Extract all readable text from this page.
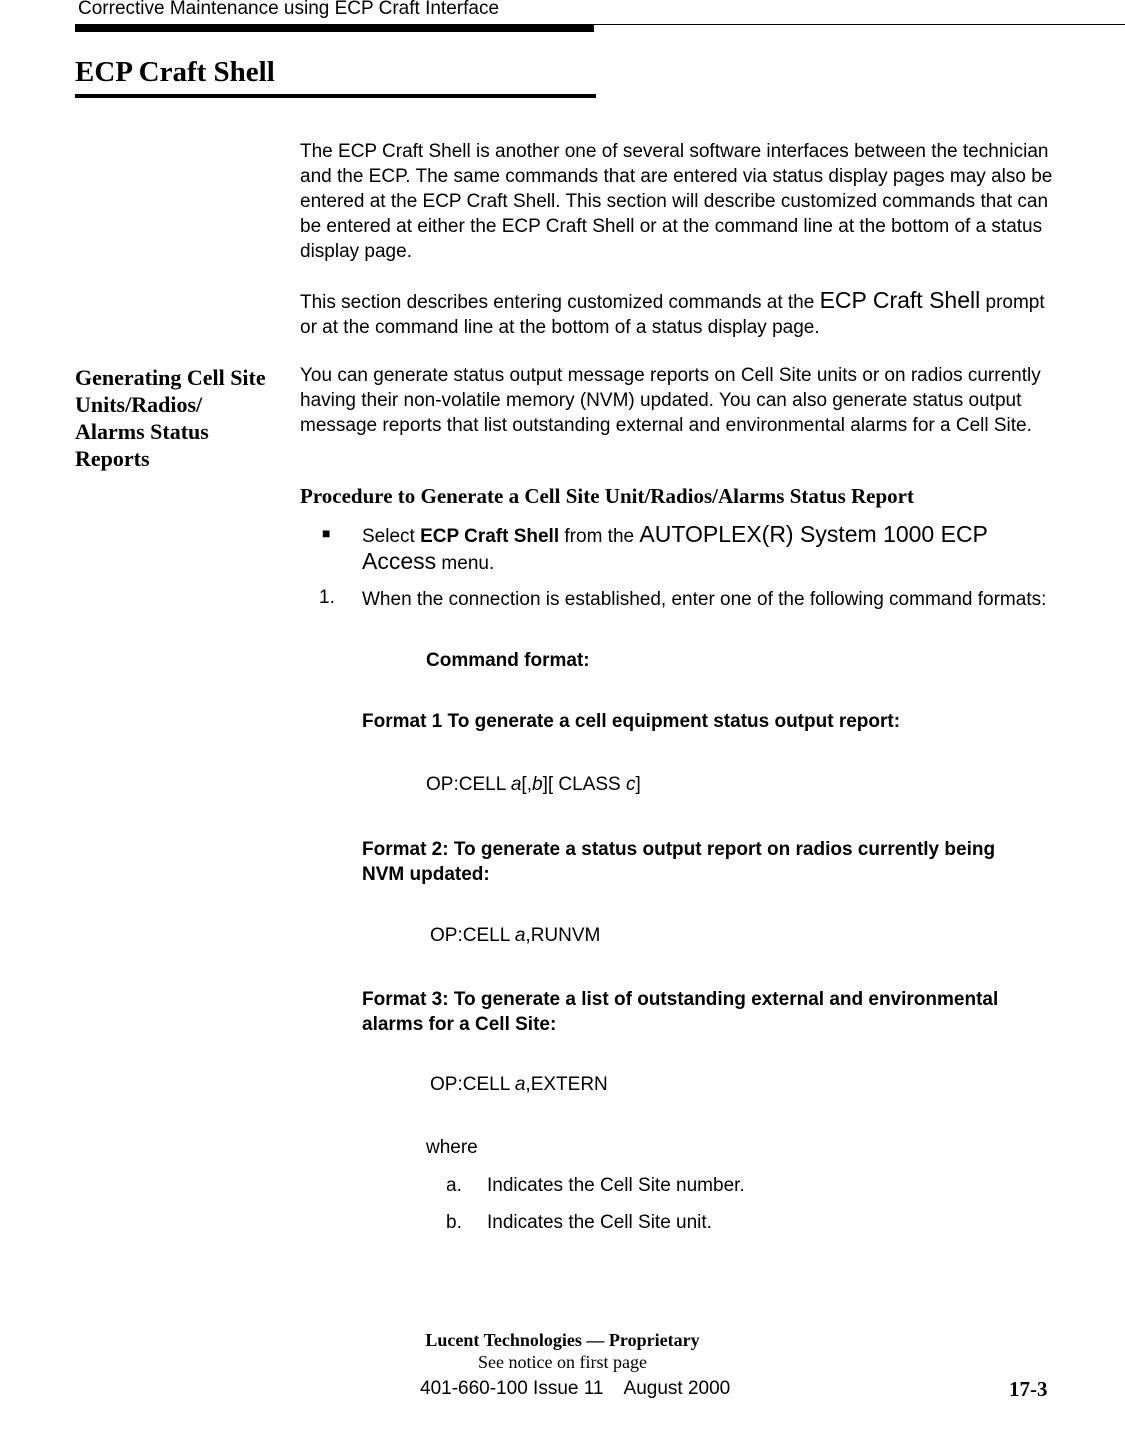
Corrective Maintenance using ECP Craft Interface
ECP Craft Shell
The ECP Craft Shell is another one of several software interfaces between the technician and the ECP. The same commands that are entered via status display pages may also be entered at the ECP Craft Shell. This section will describe customized commands that can be entered at either the ECP Craft Shell or at the command line at the bottom of a status display page.
This section describes entering customized commands at the ECP Craft Shell prompt or at the command line at the bottom of a status display page.
Generating Cell Site Units/Radios/ Alarms Status Reports
You can generate status output message reports on Cell Site units or on radios currently having their non-volatile memory (NVM) updated. You can also generate status output message reports that list outstanding external and environmental alarms for a Cell Site.
Procedure to Generate a Cell Site Unit/Radios/Alarms Status Report
■ Select ECP Craft Shell from the AUTOPLEX(R) System 1000 ECP Access menu.
1. When the connection is established, enter one of the following command formats:
Command format:
Format 1 To generate a cell equipment status output report:
OP:CELL a[,b][ CLASS c]
Format 2: To generate a status output report on radios currently being NVM updated:
OP:CELL a,RUNVM
Format 3: To generate a list of outstanding external and environmental alarms for a Cell Site:
OP:CELL a,EXTERN
where
a. Indicates the Cell Site number.
b. Indicates the Cell Site unit.
Lucent Technologies — Proprietary
See notice on first page
401-660-100 Issue 11    August 2000	17-3
